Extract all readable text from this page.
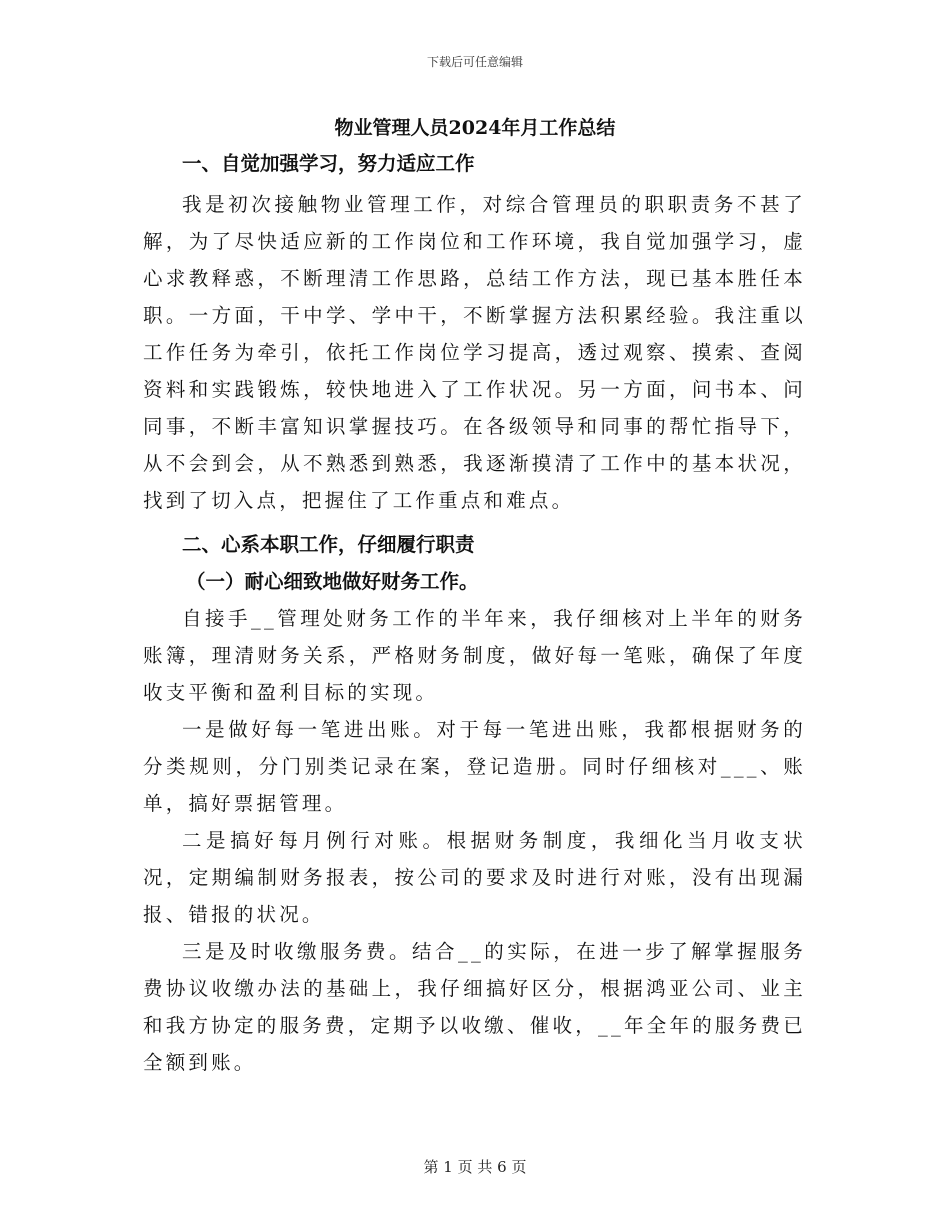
下载后可任意编辑
物业管理人员2024年月工作总结

一、自觉加强学习，努力适应工作

我是初次接触物业管理工作，对综合管理员的职职责务不甚了解，为了尽快适应新的工作岗位和工作环境，我自觉加强学习，虚心求教释惑，不断理清工作思路，总结工作方法，现已基本胜任本职。一方面，干中学、学中干，不断掌握方法积累经验。我注重以工作任务为牵引，依托工作岗位学习提高，透过观察、摸索、查阅资料和实践锻炼，较快地进入了工作状况。另一方面，问书本、问同事，不断丰富知识掌握技巧。在各级领导和同事的帮忙指导下，从不会到会，从不熟悉到熟悉，我逐渐摸清了工作中的基本状况，找到了切入点，把握住了工作重点和难点。

二、心系本职工作，仔细履行职责

（一）耐心细致地做好财务工作。

自接手__管理处财务工作的半年来，我仔细核对上半年的财务账簿，理清财务关系，严格财务制度，做好每一笔账，确保了年度收支平衡和盈利目标的实现。

一是做好每一笔进出账。对于每一笔进出账，我都根据财务的分类规则，分门别类记录在案，登记造册。同时仔细核对___、账单，搞好票据管理。

二是搞好每月例行对账。根据财务制度，我细化当月收支状况，定期编制财务报表，按公司的要求及时进行对账，没有出现漏报、错报的状况。

三是及时收缴服务费。结合__的实际，在进一步了解掌握服务费协议收缴办法的基础上，我仔细搞好区分，根据鸿亚公司、业主和我方协定的服务费，定期予以收缴、催收，__年全年的服务费已全额到账。

第 1 页 共 6 页
